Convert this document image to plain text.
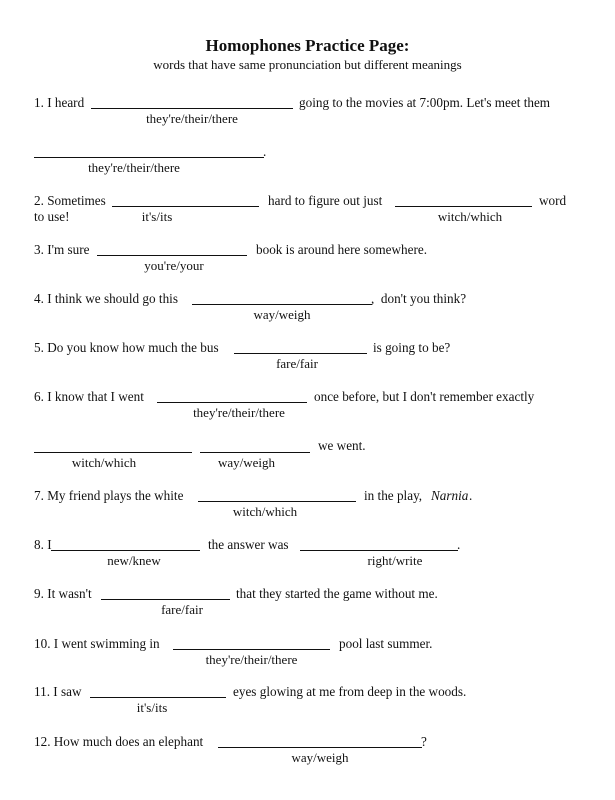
Homophones Practice Page:
words that have same pronunciation but different meanings
1. I heard	going to the movies at 7:00pm. Let's meet them
they're/their/there
.
they're/their/there
2. Sometimes	hard to figure out just	word
to use!	it's/its	witch/which
3. I'm sure	book is around here somewhere.
you're/your
4. I think we should go this	,  don't you think?
way/weigh
5. Do you know how much the bus	is going to be?
fare/fair
6. I know that I went	once before, but I don't remember exactly
they're/their/there
we went.
witch/which	way/weigh
7. My friend plays the white	in the play, Narnia .
witch/which
8. I	the answer was	.
new/knew	right/write
9. It wasn't	that they started the game without me.
fare/fair
10. I went swimming in	pool last summer.
they're/their/there
11. I saw	eyes glowing at me from deep in the woods.
it's/its
12. How much does an elephant	?
way/weigh
